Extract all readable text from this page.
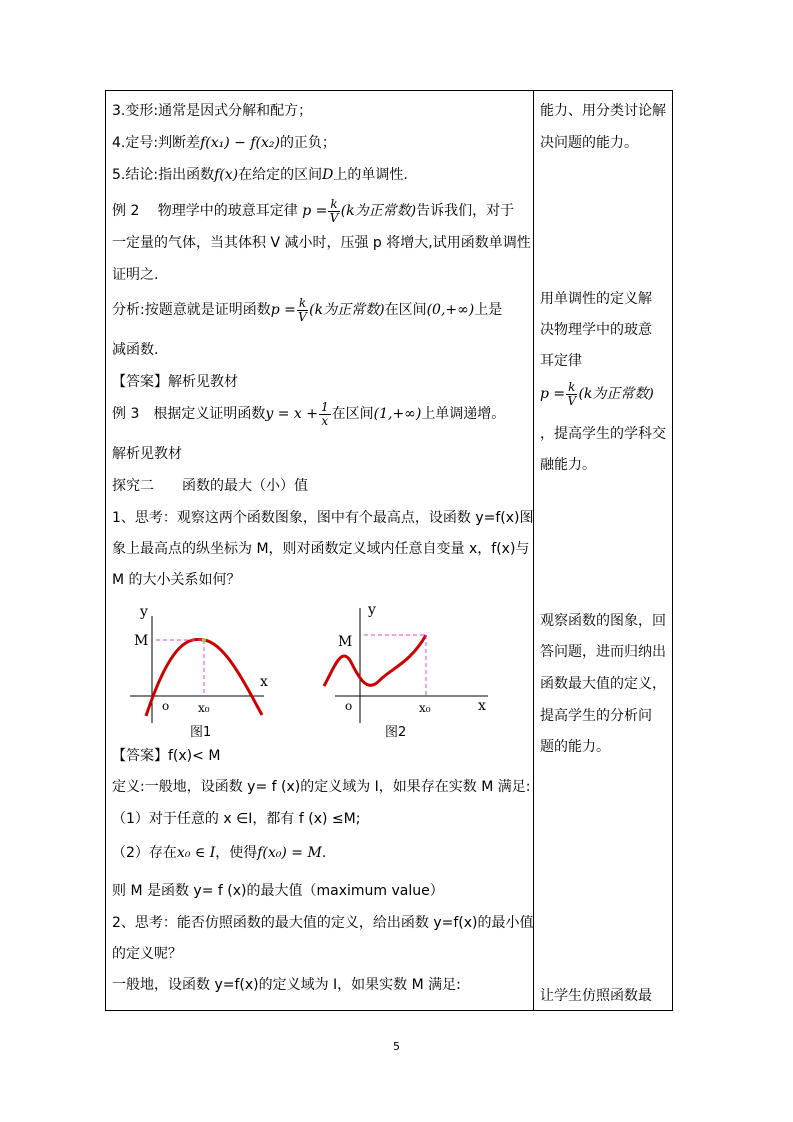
3.变形:通常是因式分解和配方；
4.定号:判断差f(x₁) − f(x₂)的正负；
5.结论:指出函数f(x)在给定的区间D上的单调性.
例 2　 物理学中的玻意耳定律 $p = \frac{k}{V} (k$为正常数)告诉我们，对于
一定量的气体，当其体积 V 减小时，压强 p 将增大,试用函数单调性
证明之.
分析:按题意就是证明函数$p = \frac{k}{V} (k$为正常数)在区间(0,+∞)上是
减函数.
【答案】解析见教材
例 3　根据定义证明函数$y = x + \frac{1}{x}$ 在区间(1,+∞)上单调递增。
解析见教材
探究二　　函数的最大（小）值
1、思考：观察这两个函数图象，图中有个最高点，设函数 y=f(x)图
象上最高点的纵坐标为 M，则对函数定义域内任意自变量 x，f(x)与
M 的大小关系如何？
y
x
M
o x₀
图1
y
x
M
o	x₀
图2
【答案】f(x)< M
定义:一般地，设函数 y= f (x)的定义域为 I，如果存在实数 M 满足:
（1）对于任意的 x ∈I，都有 f (x) ≤M;
（2）存在x₀ ∈ I，使得f(x₀) = M.
则 M 是函数 y= f (x)的最大值（maximum value）
2、思考：能否仿照函数的最大值的定义，给出函数 y=f(x)的最小值
的定义呢？
一般地，设函数 y=f(x)的定义域为 I，如果实数 M 满足:
能力、用分类讨论解
决问题的能力。
用单调性的定义解
决物理学中的玻意
耳定律
$p = \frac{k}{V} (k$为正常数)
，提高学生的学科交
融能力。
观察函数的图象，回
答问题，进而归纳出
函数最大值的定义，
提高学生的分析问
题的能力。
让学生仿照函数最
5
